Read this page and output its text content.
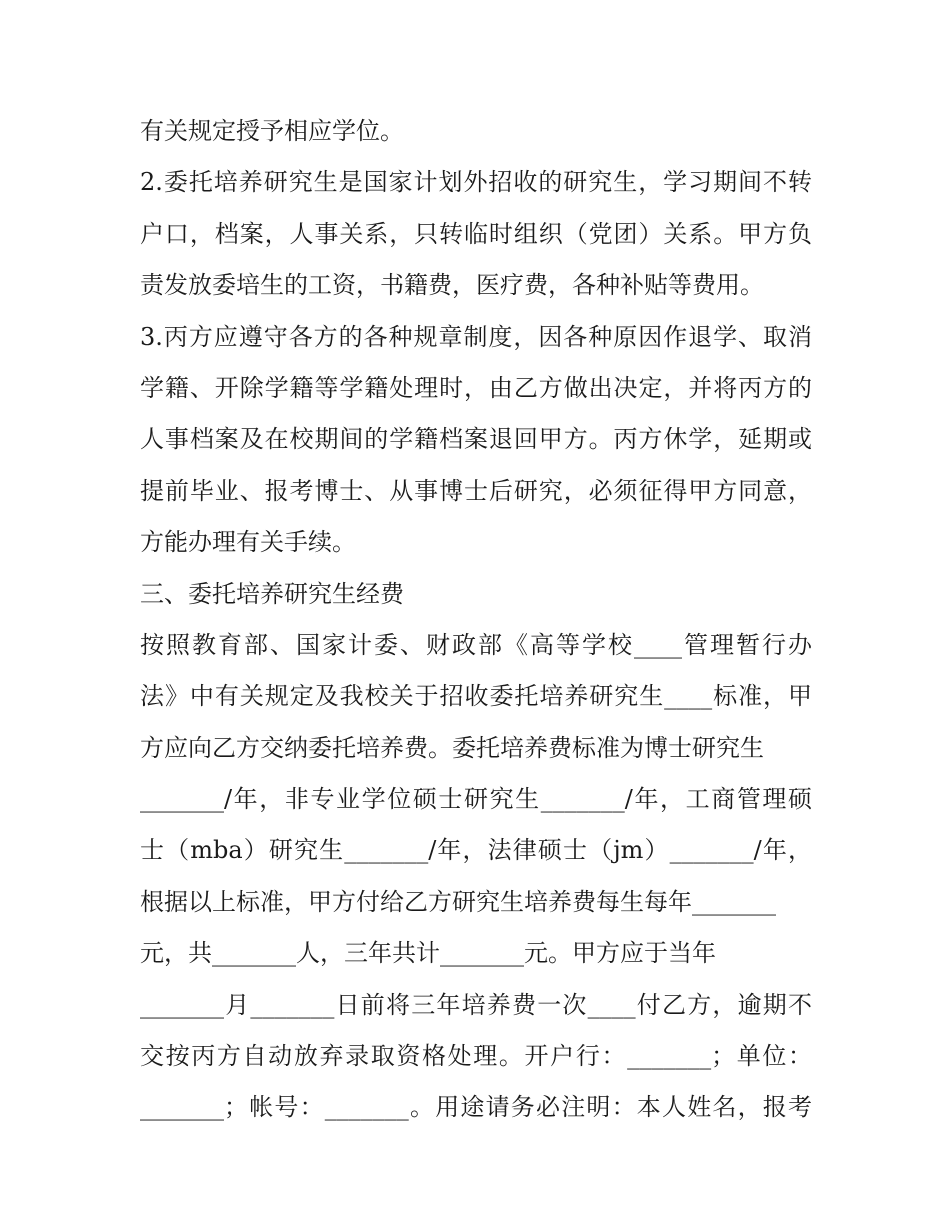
有关规定授予相应学位。
2.委托培养研究生是国家计划外招收的研究生，学习期间不转
户口，档案，人事关系，只转临时组织（党团）关系。甲方负
责发放委培生的工资，书籍费，医疗费，各种补贴等费用。
3.丙方应遵守各方的各种规章制度，因各种原因作退学、取消
学籍、开除学籍等学籍处理时，由乙方做出决定，并将丙方的
人事档案及在校期间的学籍档案退回甲方。丙方休学，延期或
提前毕业、报考博士、从事博士后研究，必须征得甲方同意，
方能办理有关手续。
三、委托培养研究生经费
按照教育部、国家计委、财政部《高等学校____管理暂行办
法》中有关规定及我校关于招收委托培养研究生____标准，甲
方应向乙方交纳委托培养费。委托培养费标准为博士研究生
_______/年，非专业学位硕士研究生_______/年，工商管理硕
士（mba）研究生_______/年，法律硕士（jm）_______/年，
根据以上标准，甲方付给乙方研究生培养费每生每年_______
元，共_______人，三年共计_______元。甲方应于当年
_______月_______日前将三年培养费一次____付乙方，逾期不
交按丙方自动放弃录取资格处理。开户行：_______；单位：
_______；帐号：_______。用途请务必注明：本人姓名，报考
